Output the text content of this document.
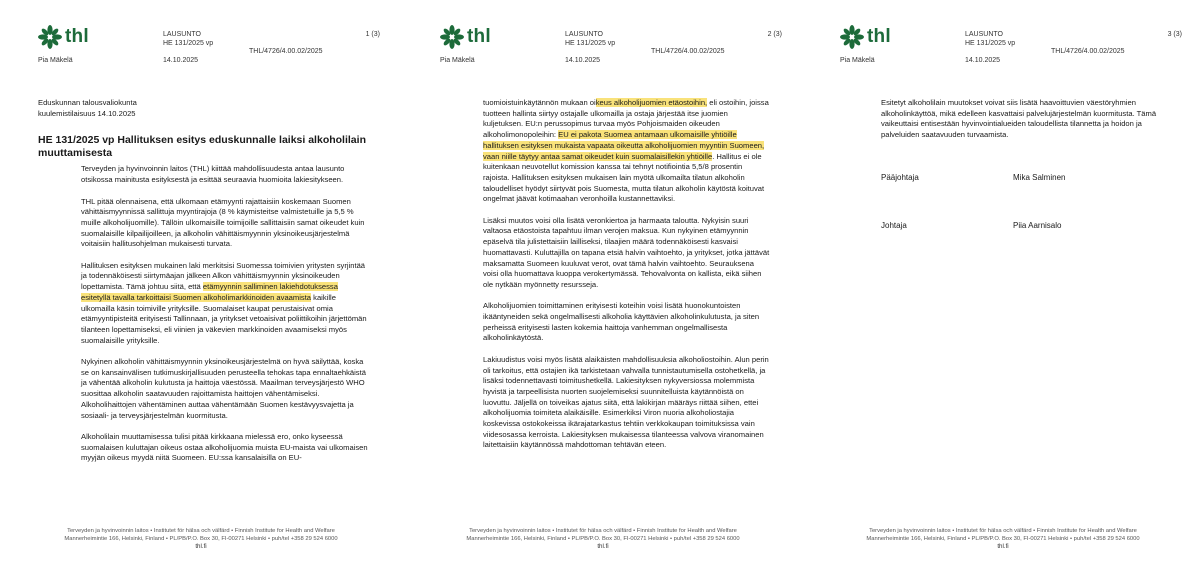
thl	LAUSUNTO
HE 131/2025 vp
1 (3)
THL/4726/4.00.02/2025
Pia Mäkelä	14.10.2025
Eduskunnan talousvaliokunta
kuulemistilaisuus 14.10.2025
HE 131/2025 vp Hallituksen esitys eduskunnalle laiksi alkoholilain muuttamisesta

Terveyden ja hyvinvoinnin laitos (THL) kiittää mahdollisuudesta antaa lausunto otsikossa mainitusta esityksestä ja esittää seuraavia huomioita lakiesitykseen.

THL pitää olennaisena, että ulkomaan etämyynti rajattaisiin koskemaan Suomen vähittäismyynnissä sallittuja myyntirajoja (8 % käymisteitse valmistetuille ja 5,5 % muille alkoholijuomille). Tällöin ulkomaisille toimijoille sallittaisiin samat oikeudet kuin suomalaisille kilpailijoilleen, ja alkoholin vähittäismyynnin yksinoikeusjärjestelmä voitaisiin hallitusohjelman mukaisesti turvata.

Hallituksen esityksen mukainen laki merkitsisi Suomessa toimivien yritysten syrjintää ja todennäköisesti siirtymäajan jälkeen Alkon vähittäismyynnin yksinoikeuden lopettamista. Tämä johtuu siitä, että etämyynnin salliminen lakiehdotuksessa esitetyllä tavalla tarkoittaisi Suomen alkoholimarkkinoiden avaamista kaikille ulkomailla käsin toimiville yrityksille. Suomalaiset kaupat perustaisivat omia etämyyntipisteitä erityisesti Tallinnaan, ja yritykset vetoaisivat poliittikoihin järjettömän tilanteen lopettamiseksi, eli viinien ja väkevien markkinoiden avaamiseksi myös suomalaisille yrityksille.

Nykyinen alkoholin vähittäismyynnin yksinoikeusjärjestelmä on hyvä säilyttää, koska se on kansainvälisen tutkimuskirjallisuuden perusteella tehokas tapa ennaltaehkäistä ja vähentää alkoholin kulutusta ja haittoja väestössä. Maailman terveysjärjestö WHO suosittaa alkoholin saatavuuden rajoittamista haittojen vähentämiseksi. Alkoholihaittojen vähentäminen auttaa vähentämään Suomen kestävyysvajetta ja sosiaali- ja terveysjärjestelmän kuormitusta.

Alkoholilain muuttamisessa tulisi pitää kirkkaana mielessä ero, onko kyseessä suomalaisen kuluttajan oikeus ostaa alkoholijuomia muista EU-maista vai ulkomaisen myyjän oikeus myydä niitä Suomeen. EU:ssa kansalaisilla on EU-

Terveyden ja hyvinvoinnin laitos • Institutet för hälsa och välfärd • Finnish Institute for Health and Welfare
Mannerheimintie 166, Helsinki, Finland • PL/PB/P.O. Box 30, FI-00271 Helsinki • puh/tel +358 29 524 6000
thl.fi
thl	LAUSUNTO
HE 131/2025 vp
2 (3)
THL/4726/4.00.02/2025
Pia Mäkelä	14.10.2025

tuomioistuinkäytännön mukaan oikeus alkoholijuomien etäostoihin, eli ostoihin, joissa tuotteen hallinta siirtyy ostajalle ulkomailla ja ostaja järjestää itse juomien kuljetuksen. EU:n perussopimus turvaa myös Pohjoismaiden oikeuden alkoholimonopoleihin: EU ei pakota Suomea antamaan ulkomaisille yhtiöille hallituksen esityksen mukaista vapaata oikeutta alkoholijuomien myyntiin Suomeen, vaan niille täytyy antaa samat oikeudet kuin suomalaisillekin yhtiöille. Hallitus ei ole kuitenkaan neuvotellut komission kanssa tai tehnyt notifiointia 5,5/8 prosentin rajoista. Hallituksen esityksen mukaisen lain myötä ulkomailta tilatun alkoholin taloudelliset hyödyt siirtyvät pois Suomesta, mutta tilatun alkoholin käytöstä koituvat ongelmat jäävät kotimaahan veronhoilla kustannettaviksi.

Lisäksi muutos voisi olla lisätä veronkiertoa ja harmaata taloutta. Nykyisin suuri valtaosa etäostoista tapahtuu ilman verojen maksua. Kun nykyinen etämyynnin epäselvä tila julistettaisiin lailliseksi, tilaajien määrä todennäköisesti kasvaisi huomattavasti. Kuluttajilla on tapana etsiä halvin vaihtoehto, ja yritykset, jotka jättävät maksamatta Suomeen kuuluvat verot, ovat tämä halvin vaihtoehto. Seurauksena voisi olla huomattava kuoppa verokertymässä. Tehovalvonta on kallista, eikä siihen ole nytkään myönnetty resursseja.

Alkoholijuomien toimittaminen erityisesti koteihin voisi lisätä huonokuntoisten ikääntyneiden sekä ongelmallisesti alkoholia käyttävien alkoholinkulutusta, ja siten perheissä erityisesti lasten kokemia haittoja vanhemman ongelmallisesta alkoholinkäytöstä.

Lakiuudistus voisi myös lisätä alaikäisten mahdollisuuksia alkoholiostoihin. Alun perin oli tarkoitus, että ostajien ikä tarkistetaan vahvalla tunnistautumisella ostohetkellä, ja lisäksi todennettavasti toimitushetkellä. Lakiesityksen nykyversiossa molemmista hyvistä ja tarpeellisista nuorten suojelemiseksi suunnitelluista käytännöistä on luovuttu. Jäljellä on toiveikas ajatus siitä, että lakikirjan määräys riittää siihen, ettei alkoholijuomia toimiteta alaikäisille. Esimerkiksi Viron nuoria alkoholiostajia koskevissa ostokokeissa ikärajatarkastus tehtiin verkkokaupan toimituksissa vain viidesosassa kerroista. Lakiesityksen mukaisessa tilanteessa valvova viranomainen laitettaisiin käytännössä mahdottoman tehtävän eteen.

Terveyden ja hyvinvoinnin laitos • Institutet för hälsa och välfärd • Finnish Institute for Health and Welfare
Mannerheimintie 166, Helsinki, Finland • PL/PB/P.O. Box 30, FI-00271 Helsinki • puh/tel +358 29 524 6000
thl.fi
thl	LAUSUNTO
HE 131/2025 vp
3 (3)
THL/4726/4.00.02/2025
Pia Mäkelä	14.10.2025

Esitetyt alkoholilain muutokset voivat siis lisätä haavoittuvien väestöryhmien alkoholinkäyttöä, mikä edelleen kasvattaisi palvelujärjestelmän kuormitusta. Tämä vaikeuttaisi entisestään hyvinvointialueiden taloudellista tilannetta ja hoidon ja palveluiden saatavuuden turvaamista.

Pääjohtaja	Mika Salminen
Johtaja	Piia Aarnisalo
Terveyden ja hyvinvoinnin laitos • Institutet för hälsa och välfärd • Finnish Institute for Health and Welfare
Mannerheimintie 166, Helsinki, Finland • PL/PB/P.O. Box 30, FI-00271 Helsinki • puh/tel +358 29 524 6000
thl.fi
